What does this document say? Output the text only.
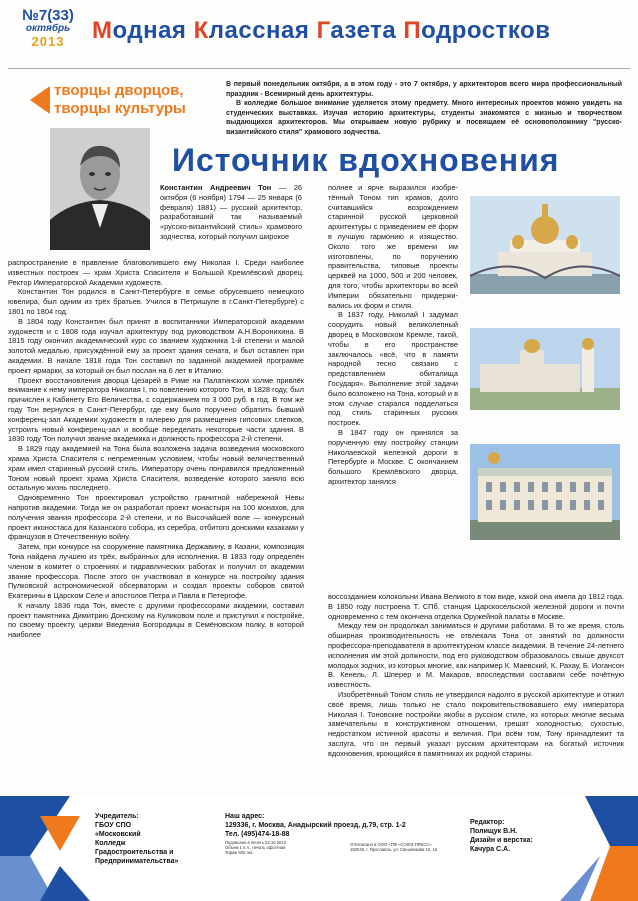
№7(33)
октябрь
2013	Модная Классная Газета Подростков
творцы дворцов,
творцы культуры

В первый понедельник октября, а в этом году - это 7 октября, у архитекторов всего мира профессиональный праздник - Всемирный день архитектуры.

В колледже большое внимание уделяется этому предмету. Много интересных проектов можно увидеть на студенческих выставках. Изучая историю архитектуры, студенты знакомятся с жизнью и творчеством выдающихся архитекторов. Мы открываем новую рубрику и посвящаем её основоположнику "русско-византийского стиля" храмового зодчества.

Источник вдохновения

Константин Андреевич Тон — 26 октября (6 ноября) 1794 — 25 января (6 февраля) 1881) — русский архитектор, разработавший так называемый «русско-византийский стиль» храмового зодчества, который получил широкое

распространение в правление благоволившего ему Николая I. Среди наиболее известных построек — храм Христа Спасителя и Большой Кремлёвский дворец. Ректор Императорской Академии художеств.

Константин Тон родился в Санкт-Петербурге в семье обрусевшего немецкого ювелира, был одним из трёх братьев. Учился в Петришуле в г.Санкт-Петербурге) с 1801 по 1804 год.

В 1804 году Константин был принят в воспитанники Императорской академии художеств и с 1808 года изучал архитектуру под руководством А.Н.Воронихина. В 1815 году окончил академический курс со званием художника 1-й степени и малой золотой медалью, присуждённой ему за проект здания сената, и был оставлен при академии. В начале 1818 года Тон составил по заданной академией программе проект ярмарки, за который он был послан на 6 лет в Италию.

Проект восстановления дворца Цезарей в Риме на Палатинском холме привлёк внимание к нему императора Николая I, по повелению которого Тон, в 1828 году, был причислен к Кабинету Его Величества, с содержанием по 3 000 руб. в год. В том же году Тон вернулся в Санкт-Петербург, где ему было поручено обратить бывший конференц-зал Академии художеств в галерею для размещения гипсовых слепков, устроить новый конференц-зал и вообще переделать некоторые части здания. В 1830 году Тон получил звание академика и должность профессора 2-й степени.

В 1829 году академией на Тона была возложена задача возведения московского храма Христа Спасителя с непременным условием, чтобы новый величественный храм имел старинный русский стиль. Императору очень понравился предложенный Тоном новый проект храма Христа Спасителя, возведение которого заняло всю остальную жизнь последнего.

Одновременно Тон проектировал устройство гранитной набережной Невы напротив академии. Тогда же он разработал проект монастыря на 100 монахов, для получения звания профессора 2-й степени, и по Высочайшей воле — конкурсный проект иконостаса для Казанского собора, из серебра, отбитого донскими казаками у французов в Отечественную войну.

Затем, при конкурсе на сооружение памятника Державину, в Казани, композиция Тона найдена лучшею из трёх, выбранных для исполнения. В 1833 году определён членом в комитет о строениях и гидравлических работах и получил от академии звание профессора. После этого он участвовал в конкурсе на постройку здания Пулковской астрономической обсерватории и создал проекты соборов святой Екатерины в Царском Селе и апостолов Петра и Павла в Петергофе.

К началу 1836 года Тон, вместе с другими профессорами академии, составил проект памятника Димитрию Донскому на Куликовом поле и приступил к постройке, по своему проекту, церкви Введения Богородицы в Семёновском полку, в которой наиболее

полнее и ярче выразился изобретённый Тоном тип храмов, долго считавшийся возрождением старинной русской церковной архитектуры с приведением её форм в лучшую гармонию и изящество. Около того же времени им изготовлены, по поручению правительства, типовые проекты церквей на 1000, 500 и 200 человек, для того, чтобы архитекторы во всей Империи обязательно придерживались их форм и стиля.

В 1837 году, Николай I задумал соорудить новый великолепный дворец в Московском Кремле, такой, чтобы в его пространстве заключалось «всё, что в памяти народной тесно связано с представлением обиталища Государя». Выполнение этой задачи было возложено на Тона, который и в этом случае старался подделаться под стиль старинных русских построек.

В 1847 году он принялся за порученную ему постройку станции Николаевской железной дороги в Петербурге и Москве. С окончанием большого Кремлёвского дворца, архитектор занялся

воссозданием колокольни Ивана Великого в том виде, какой она имела до 1812 года. В 1850 году построена Т. СПб. станция Царскосельской железной дороги и почти одновременно с тем окончена отделка Оружейной палаты в Москве.

Между тем он продолжал заниматься и другими работами. В то же время, столь обширная производительность не отвлекала Тона от занятий по должности профессора-преподавателя в архитектурном классе академии. В течение 24-летнего исполнения им этой должности, под его руководством образовалось свыше двухсот молодых зодчих, из которых многие, как например К. Маевский, К. Рахау, Б. Иогансон В. Кенель, Л. Шперер и М. Макаров, впоследствии составили себе почётную известность.

Изобретённый Тоном стиль не утвердился надолго в русской архитектуре и отжил своё время, лишь только не стало покровительствовавшего ему императора Николая I. Тоновские постройки якобы в русском стиле, из которых многие весьма замечательны в конструктивном отношении, грешат холодностью, сухостью, недостатком истинной красоты и величия. При всём том, Тону принадлежит та заслуга, что он первый указал русским архитекторам на богатый источник вдохновения, кроющийся в памятниках их родной старины.

Учредитель:
ГБОУ СПО
«Московский
Колледж
Градостроительства и
Предпринимательства»
Наш адрес:
129336, г. Москва, Анадырский проезд, д.79, стр. 1-2
Тел. (495)474-18-88
Редактор:
Полищук В.Н.
Дизайн и верстка:
Качура С.А.
Подписано в печать 23.10.2013
Объем 1 п.л., печать офсетная
Тираж 500 экз.
Отпечатано в ООО «ПФ «СОЮЗ-ПРЕСС»
150049, г. Ярославль, ул. Свешникова 10, 16
